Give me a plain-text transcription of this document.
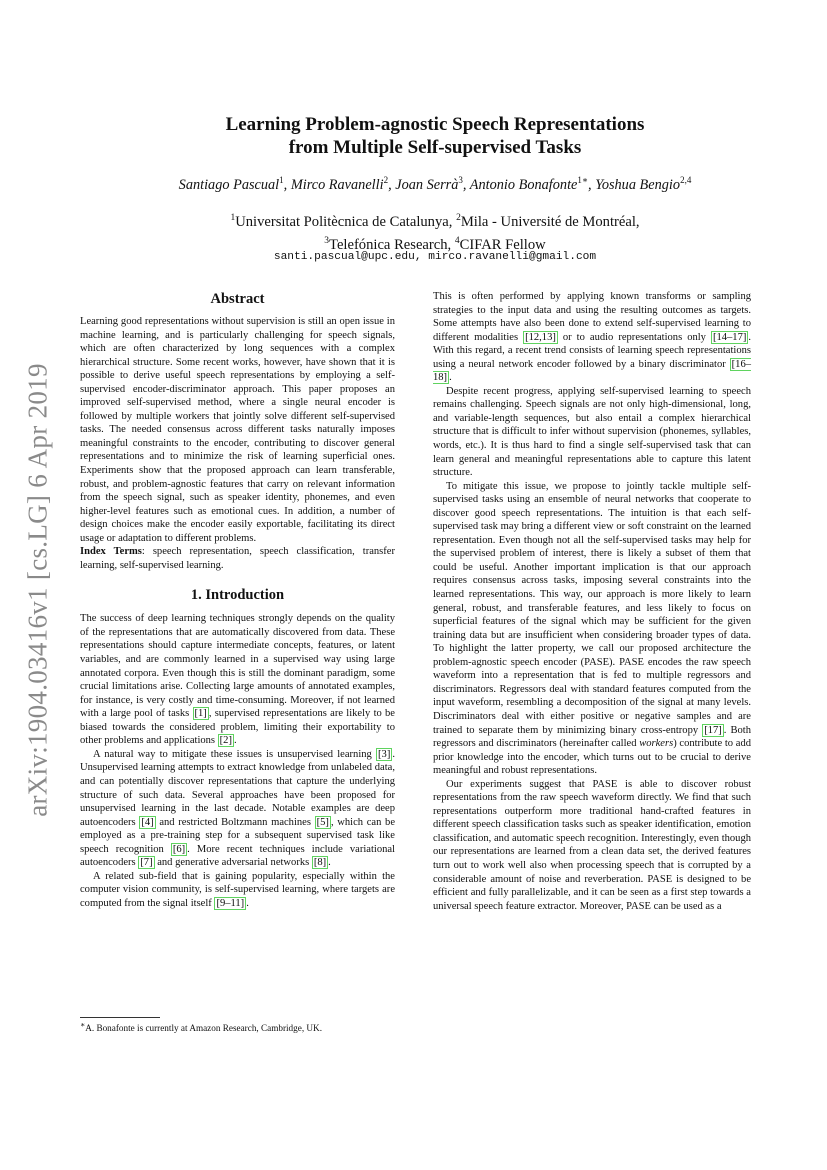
arXiv:1904.03416v1 [cs.LG] 6 Apr 2019
Learning Problem-agnostic Speech Representations
from Multiple Self-supervised Tasks
Santiago Pascual$^1$, Mirco Ravanelli$^2$, Joan Serrà$^3$, Antonio Bonafonte$^{1∗}$, Yoshua Bengio$^{2,4}$
$^1$Universitat Politècnica de Catalunya, $^2$Mila - Université de Montréal,
$^3$Telefónica Research, $^4$CIFAR Fellow
santi.pascual@upc.edu, mirco.ravanelli@gmail.com
Abstract

Learning good representations without supervision is still an open issue in machine learning, and is particularly challenging for speech signals, which are often characterized by long sequences with a complex hierarchical structure. Some recent works, however, have shown that it is possible to derive useful speech representations by employing a self-supervised encoder-discriminator approach. This paper proposes an improved self-supervised method, where a single neural encoder is followed by multiple workers that jointly solve different self-supervised tasks. The needed consensus across different tasks naturally imposes meaningful constraints to the encoder, contributing to discover general representations and to minimize the risk of learning superficial ones. Experiments show that the proposed approach can learn transferable, robust, and problem-agnostic features that carry on relevant information from the speech signal, such as speaker identity, phonemes, and even higher-level features such as emotional cues. In addition, a number of design choices make the encoder easily exportable, facilitating its direct usage or adaptation to different problems.

Index Terms: speech representation, speech classification, transfer learning, self-supervised learning.

1. Introduction

The success of deep learning techniques strongly depends on the quality of the representations that are automatically discovered from data. These representations should capture intermediate concepts, features, or latent variables, and are commonly learned in a supervised way using large annotated corpora. Even though this is still the dominant paradigm, some crucial limitations arise. Collecting large amounts of annotated examples, for instance, is very costly and time-consuming. Moreover, if not learned with a large pool of tasks [1] , supervised representations are likely to be biased towards the considered problem, limiting their exportability to other problems and applications [2] .

A natural way to mitigate these issues is unsupervised learning [3] . Unsupervised learning attempts to extract knowledge from unlabeled data, and can potentially discover representations that capture the underlying structure of such data. Several approaches have been proposed for unsupervised learning in the last decade. Notable examples are deep autoencoders [4] and restricted Boltzmann machines [5] , which can be employed as a pre-training step for a subsequent supervised task like speech recognition [6] . More recent techniques include variational autoencoders [7] and generative adversarial networks [8] .

A related sub-field that is gaining popularity, especially within the computer vision community, is self-supervised learning, where targets are computed from the signal itself [9–11] .

∗A. Bonafonte is currently at Amazon Research, Cambridge, UK.

This is often performed by applying known transforms or sampling strategies to the input data and using the resulting outcomes as targets. Some attempts have also been done to extend self-supervised learning to different modalities [12,13] or to audio representations only [14–17] . With this regard, a recent trend consists of learning speech representations using a neural network encoder followed by a binary discriminator [16–18] .

Despite recent progress, applying self-supervised learning to speech remains challenging. Speech signals are not only high-dimensional, long, and variable-length sequences, but also entail a complex hierarchical structure that is difficult to infer without supervision (phonemes, syllables, words, etc.). It is thus hard to find a single self-supervised task that can learn general and meaningful representations able to capture this latent structure.

To mitigate this issue, we propose to jointly tackle multiple self-supervised tasks using an ensemble of neural networks that cooperate to discover good speech representations. The intuition is that each self-supervised task may bring a different view or soft constraint on the learned representation. Even though not all the self-supervised tasks may help for the supervised problem of interest, there is likely a subset of them that could be useful. Another important implication is that our approach requires consensus across tasks, imposing several constraints into the learned representations. This way, our approach is more likely to learn general, robust, and transferable features, and less likely to focus on superficial features of the signal which may be sufficient for the given training data but are insufficient when considering broader types of data. To highlight the latter property, we call our proposed architecture the problem-agnostic speech encoder (PASE). PASE encodes the raw speech waveform into a representation that is fed to multiple regressors and discriminators. Regressors deal with standard features computed from the input waveform, resembling a decomposition of the signal at many levels. Discriminators deal with either positive or negative samples and are trained to separate them by minimizing binary cross-entropy [17] . Both regressors and discriminators (hereinafter called workers) contribute to add prior knowledge into the encoder, which turns out to be crucial to derive meaningful and robust representations.

Our experiments suggest that PASE is able to discover robust representations from the raw speech waveform directly. We find that such representations outperform more traditional hand-crafted features in different speech classification tasks such as speaker identification, emotion classification, and automatic speech recognition. Interestingly, even though our representations are learned from a clean data set, the derived features turn out to work well also when processing speech that is corrupted by a considerable amount of noise and reverberation. PASE is designed to be efficient and fully parallelizable, and it can be seen as a first step towards a universal speech feature extractor. Moreover, PASE can be used as a
